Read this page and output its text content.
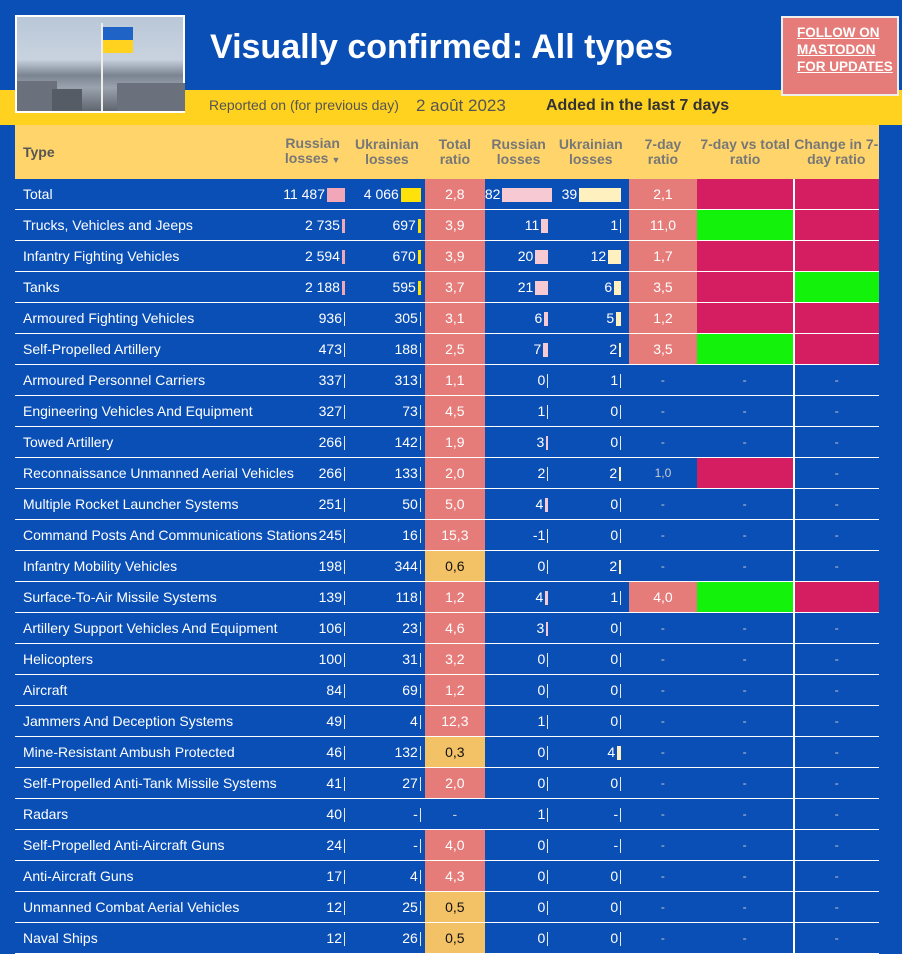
Visually confirmed: All types
Reported on (for previous day) 2 août 2023	Added in the last 7 days
FOLLOW ON MASTODON FOR UPDATES
Type	Russian losses ▼	Ukrainian losses	Total ratio	Russian losses	Ukrainian losses	7-day ratio	7-day vs total ratio	Change in 7-day ratio
Total	11 487	4 066	2,8	82	39	2,1		
Trucks, Vehicles and Jeeps	2 735	697	3,9	11	1	11,0		
Infantry Fighting Vehicles	2 594	670	3,9	20	12	1,7		
Tanks	2 188	595	3,7	21	6	3,5		
Armoured Fighting Vehicles	936	305	3,1	6	5	1,2		
Self-Propelled Artillery	473	188	2,5	7	2	3,5		
Armoured Personnel Carriers	337	313	1,1	0	1	-	-	-
Engineering Vehicles And Equipment	327	73	4,5	1	0	-	-	-
Towed Artillery	266	142	1,9	3	0	-	-	-
Reconnaissance Unmanned Aerial Vehicles	266	133	2,0	2	2	1,0		-
Multiple Rocket Launcher Systems	251	50	5,0	4	0	-	-	-
Command Posts And Communications Stations	245	16	15,3	-1	0	-	-	-
Infantry Mobility Vehicles	198	344	0,6	0	2	-	-	-
Surface-To-Air Missile Systems	139	118	1,2	4	1	4,0		
Artillery Support Vehicles And Equipment	106	23	4,6	3	0	-	-	-
Helicopters	100	31	3,2	0	0	-	-	-
Aircraft	84	69	1,2	0	0	-	-	-
Jammers And Deception Systems	49	4	12,3	1	0	-	-	-
Mine-Resistant Ambush Protected	46	132	0,3	0	4	-	-	-
Self-Propelled Anti-Tank Missile Systems	41	27	2,0	0	0	-	-	-
Radars	40	-	-	1	-	-	-	-
Self-Propelled Anti-Aircraft Guns	24	-	4,0	0	-	-	-	-
Anti-Aircraft Guns	17	4	4,3	0	0	-	-	-
Unmanned Combat Aerial Vehicles	12	25	0,5	0	0	-	-	-
Naval Ships	12	26	0,5	0	0	-	-	-
